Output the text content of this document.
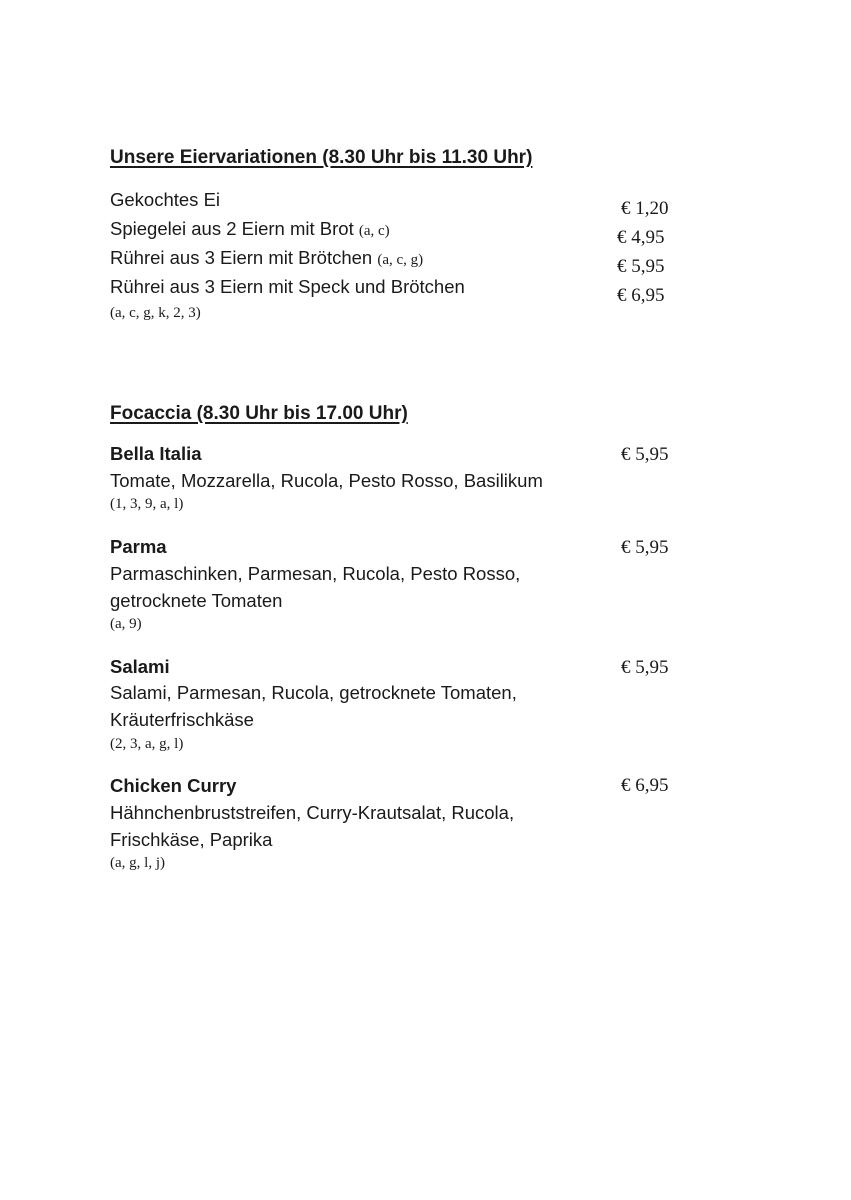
Unsere Eiervariationen (8.30 Uhr bis 11.30 Uhr)
Gekochtes Ei	€ 1,20
Spiegelei aus 2 Eiern mit Brot (a, c)	€ 4,95
Rührei aus 3 Eiern mit Brötchen (a, c, g)	€ 5,95
Rührei aus 3 Eiern mit Speck und Brötchen	€ 6,95
(a, c, g, k, 2, 3)
Focaccia (8.30 Uhr bis 17.00 Uhr)
Bella Italia	€ 5,95
Tomate, Mozzarella, Rucola, Pesto Rosso, Basilikum
(1, 3, 9, a, l)
Parma	€ 5,95
Parmaschinken, Parmesan, Rucola, Pesto Rosso,
getrocknete Tomaten
(a, 9)
Salami	€ 5,95
Salami, Parmesan, Rucola, getrocknete Tomaten,
Kräuterfrischkäse
(2, 3, a, g, l)
Chicken Curry	€ 6,95
Hähnchenbruststreifen, Curry-Krautsalat, Rucola,
Frischkäse, Paprika
(a, g, l, j)
